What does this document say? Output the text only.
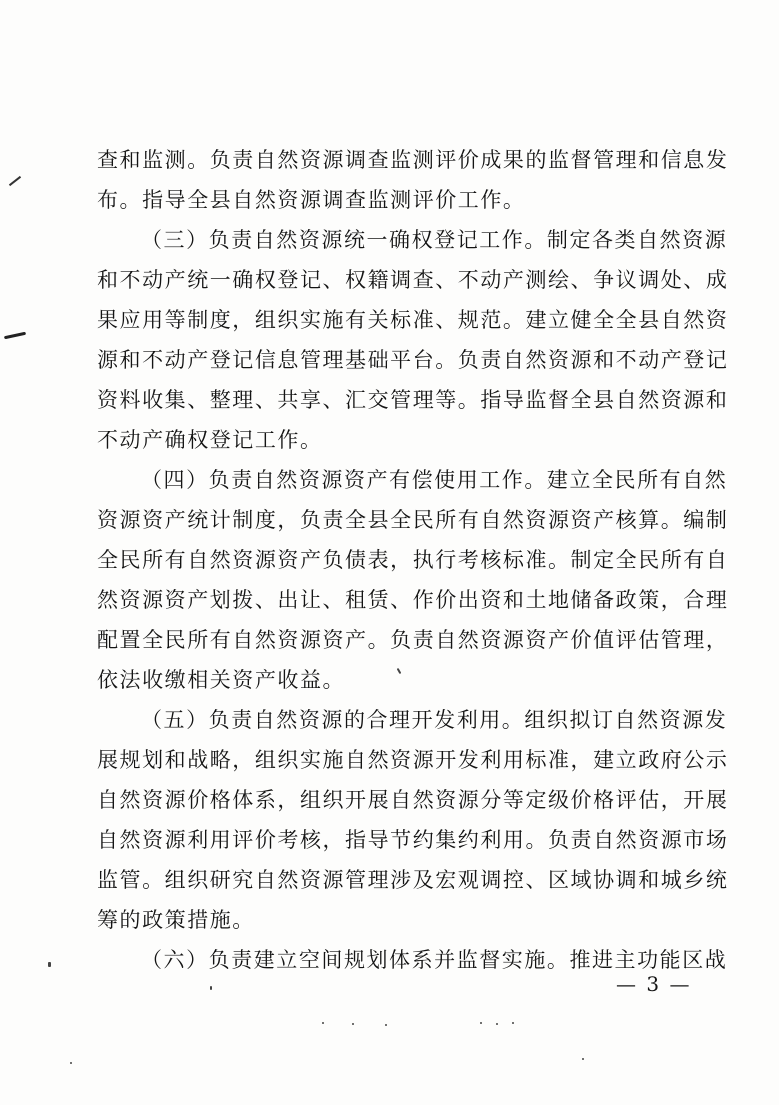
查和监测。负责自然资源调查监测评价成果的监督管理和信息发
布。指导全县自然资源调查监测评价工作。
（三）负责自然资源统一确权登记工作。制定各类自然资源
和不动产统一确权登记、权籍调查、不动产测绘、争议调处、成
果应用等制度，组织实施有关标准、规范。建立健全全县自然资
源和不动产登记信息管理基础平台。负责自然资源和不动产登记
资料收集、整理、共享、汇交管理等。指导监督全县自然资源和
不动产确权登记工作。
（四）负责自然资源资产有偿使用工作。建立全民所有自然
资源资产统计制度，负责全县全民所有自然资源资产核算。编制
全民所有自然资源资产负债表，执行考核标准。制定全民所有自
然资源资产划拨、出让、租赁、作价出资和土地储备政策，合理
配置全民所有自然资源资产。负责自然资源资产价值评估管理，
依法收缴相关资产收益。
（五）负责自然资源的合理开发利用。组织拟订自然资源发
展规划和战略，组织实施自然资源开发利用标准，建立政府公示
自然资源价格体系，组织开展自然资源分等定级价格评估，开展
自然资源利用评价考核，指导节约集约利用。负责自然资源市场
监管。组织研究自然资源管理涉及宏观调控、区域协调和城乡统
筹的政策措施。
（六）负责建立空间规划体系并监督实施。推进主功能区战
— 3 —
